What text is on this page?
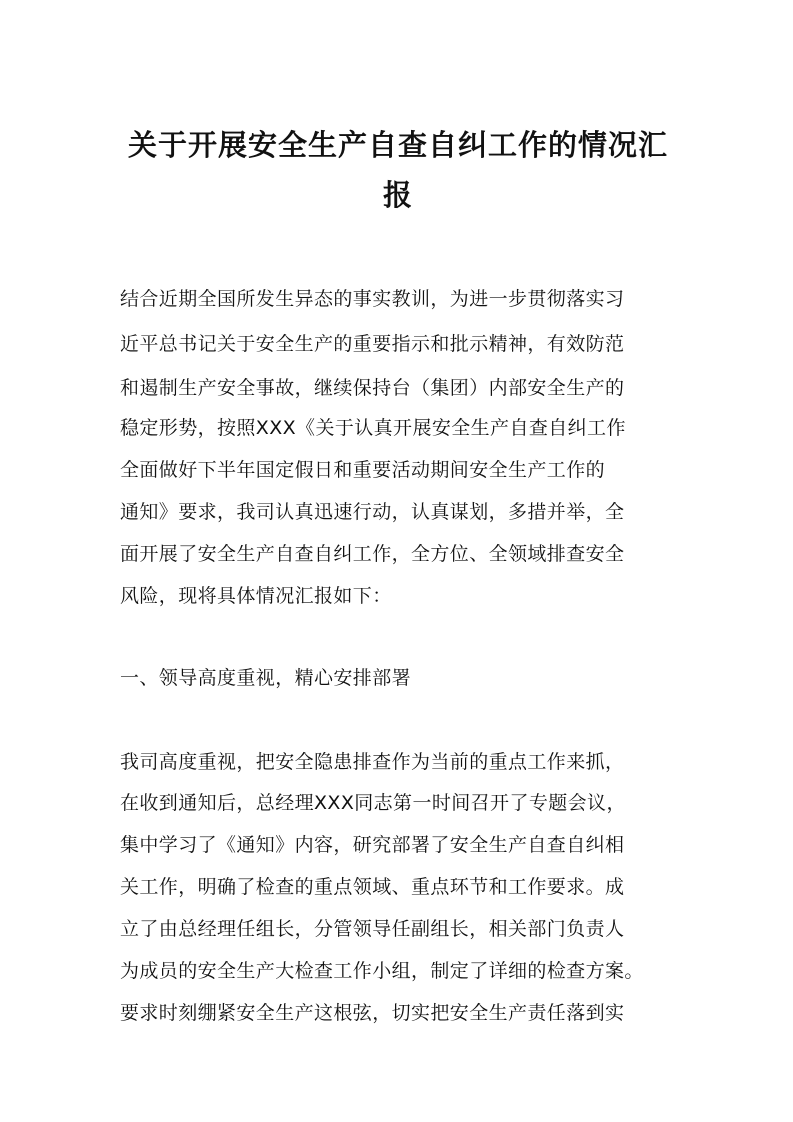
关于开展安全生产自查自纠工作的情况汇
报
结合近期全国所发生异态的事实教训，为进一步贯彻落实习
近平总书记关于安全生产的重要指示和批示精神，有效防范
和遏制生产安全事故，继续保持台（集团）内部安全生产的
稳定形势，按照XXX《关于认真开展安全生产自查自纠工作
全面做好下半年国定假日和重要活动期间安全生产工作的
通知》要求，我司认真迅速行动，认真谋划，多措并举，全
面开展了安全生产自查自纠工作，全方位、全领域排查安全
风险，现将具体情况汇报如下：
一、领导高度重视，精心安排部署
我司高度重视，把安全隐患排查作为当前的重点工作来抓，
在收到通知后，总经理XXX同志第一时间召开了专题会议，
集中学习了《通知》内容，研究部署了安全生产自查自纠相
关工作，明确了检查的重点领域、重点环节和工作要求。成
立了由总经理任组长，分管领导任副组长，相关部门负责人
为成员的安全生产大检查工作小组，制定了详细的检查方案。
要求时刻绷紧安全生产这根弦，切实把安全生产责任落到实
